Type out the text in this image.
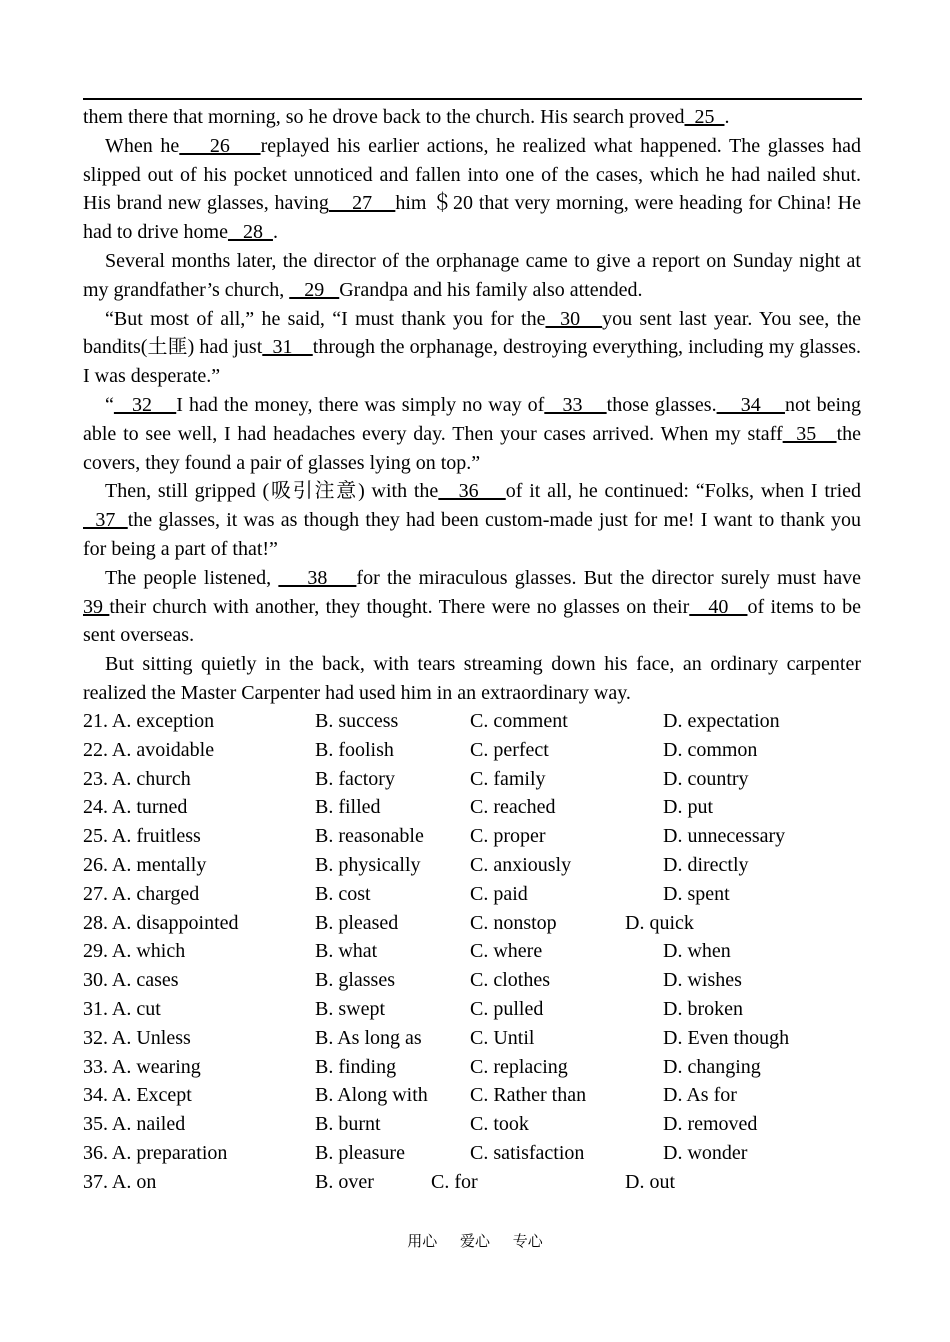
them there that morning, so he drove back to the church. His search proved  25  .

When he    26    replayed his earlier actions, he realized what happened. The glasses had slipped out of his pocket unnoticed and fallen into one of the cases, which he had nailed shut. His brand new glasses, having    27    him ＄20 that very morning, were heading for China! He had to drive home   28  .

Several months later, the director of the orphanage came to give a report on Sunday night at my grandfather’s church,    29   Grandpa and his family also attended.

“But most of all,” he said, “I must thank you for the  30   you sent last year. You see, the bandits(土匪) had just  31    through the orphanage, destroying everything, including my glasses. I was desperate.”

“   32    I had the money, there was simply no way of   33    those glasses.    34    not being able to see well, I had headaches every day. Then your cases arrived. When my staff  35   the covers, they found a pair of glasses lying on top.”

Then, still gripped (吸引注意) with the   36    of it all, he continued: “Folks, when I tried  37  the glasses, it was as though they had been custom-made just for me! I want to thank you for being a part of that!”

The people listened,     38    for the miraculous glasses. But the director surely must have 39 their church with another, they thought. There were no glasses on their   40   of items to be sent overseas.

But sitting quietly in the back, with tears streaming down his face, an ordinary carpenter realized the Master Carpenter had used him in an extraordinary way.

21. A. exception	B. success	C. comment	D. expectation
22. A. avoidable	B. foolish	C. perfect	D. common
23. A. church	B. factory	C. family	D. country
24. A. turned	B. filled	C. reached	D. put
25. A. fruitless	B. reasonable C. proper	D. unnecessary
26. A. mentally	B. physically C. anxiously	D. directly
27. A. charged	B. cost	C. paid	D. spent
28. A. disappointed	B. pleased	C. nonstop	D. quick
29. A. which	B. what	C. where	D. when
30. A. cases	B. glasses	C. clothes	D. wishes
31. A. cut	B. swept	C. pulled	D. broken
32. A. Unless	B. As long as C. Until	D. Even though
33. A. wearing	B. finding	C. replacing	D. changing
34. A. Except	B. Along with C. Rather than	D. As for
35. A. nailed	B. burnt	C. took	D. removed
36. A. preparation	B. pleasure	C. satisfaction	D. wonder
37. A. on	B. over	C. for	D. out
用心 爱心 专心
